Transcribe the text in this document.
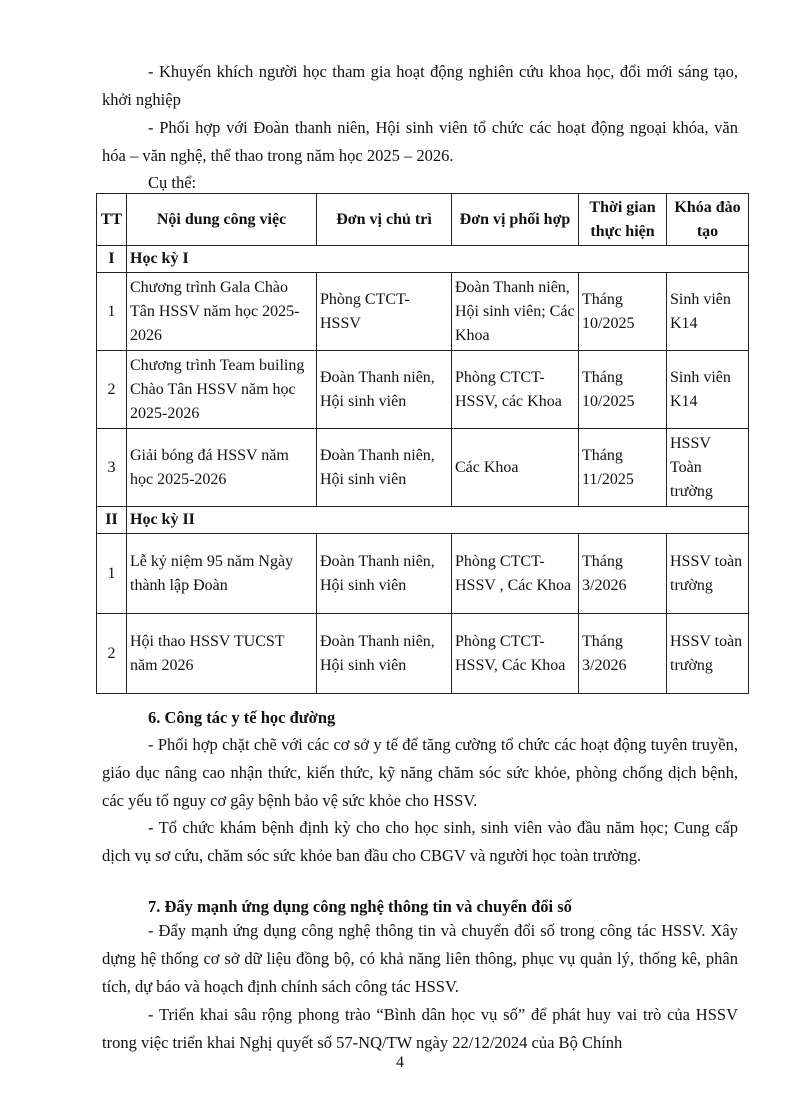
- Khuyến khích người học tham gia hoạt động nghiên cứu khoa học, đổi mới sáng tạo, khởi nghiệp

- Phối hợp với Đoàn thanh niên, Hội sinh viên tổ chức các hoạt động ngoại khóa, văn hóa – văn nghệ, thể thao trong năm học 2025 – 2026.

Cụ thể:

TT	Nội dung công việc	Đơn vị chủ trì	Đơn vị phối hợp	Thời gian thực hiện	Khóa đào tạo
I	Học kỳ I				
1	Chương trình Gala Chào Tân HSSV năm học 2025-2026	Phòng CTCT-HSSV	Đoàn Thanh niên, Hội sinh viên; Các Khoa	Tháng 10/2025	Sinh viên K14
2	Chương trình Team builing Chào Tân HSSV năm học 2025-2026	Đoàn Thanh niên, Hội sinh viên	Phòng CTCT-HSSV, các Khoa	Tháng 10/2025	Sinh viên K14
3	Giải bóng đá HSSV năm học 2025-2026	Đoàn Thanh niên, Hội sinh viên	Các Khoa	Tháng 11/2025	HSSV Toàn trường
II	Học kỳ II				
1	Lễ kỷ niệm 95 năm Ngày thành lập Đoàn	Đoàn Thanh niên, Hội sinh viên	Phòng CTCT-HSSV , Các Khoa	Tháng 3/2026	HSSV toàn trường
2	Hội thao HSSV TUCST năm 2026	Đoàn Thanh niên, Hội sinh viên	Phòng CTCT-HSSV, Các Khoa	Tháng 3/2026	HSSV toàn trường

6. Công tác y tế học đường

- Phối hợp chặt chẽ với các cơ sở y tế để tăng cường tổ chức các hoạt động tuyên truyền, giáo dục nâng cao nhận thức, kiến thức, kỹ năng chăm sóc sức khỏe, phòng chống dịch bệnh, các yếu tố nguy cơ gây bệnh bảo vệ sức khỏe cho HSSV.

- Tổ chức khám bệnh định kỳ cho cho học sinh, sinh viên vào đầu năm học; Cung cấp dịch vụ sơ cứu, chăm sóc sức khỏe ban đầu cho CBGV và người học toàn trường.

7. Đẩy mạnh ứng dụng công nghệ thông tin và chuyển đổi số

- Đẩy mạnh ứng dụng công nghệ thông tin và chuyển đổi số trong công tác HSSV. Xây dựng hệ thống cơ sở dữ liệu đồng bộ, có khả năng liên thông, phục vụ quản lý, thống kê, phân tích, dự báo và hoạch định chính sách công tác HSSV.

- Triển khai sâu rộng phong trào “Bình dân học vụ số” để phát huy vai trò của HSSV trong việc triển khai Nghị quyết số 57-NQ/TW ngày 22/12/2024 của Bộ Chính

4
